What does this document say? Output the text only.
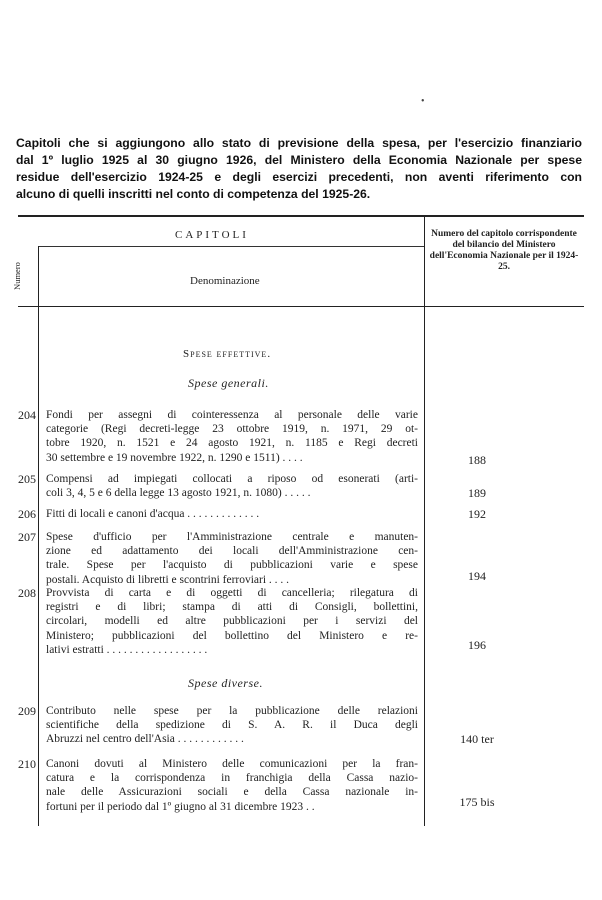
•
Capitoli che si aggiungono allo stato di previsione della spesa, per l'esercizio finanziario
dal 1º luglio 1925 al 30 giugno 1926, del Ministero della Economia Nazionale per spese
residue dell'esercizio 1924-25 e degli esercizi precedenti, non aventi riferimento con
alcuno di quelli inscritti nel conto di competenza del 1925-26.
CAPITOLI
Numero	Denominazione
Numero del capitolo corrispondente del bilancio del Ministero dell'Economia Nazionale per il 1924-25.
Spese effettive.
Spese generali.
204 Fondi per assegni di cointeressenza al personale delle varie
categorie (Regi decreti-legge 23 ottobre 1919, n. 1971, 29 ot-
tobre 1920, n. 1521 e 24 agosto 1921, n. 1185 e Regi decreti
30 settembre e 19 novembre 1922, n. 1290 e 1511) . . . .	188
205 Compensi ad impiegati collocati a riposo od esonerati (arti-
coli 3, 4, 5 e 6 della legge 13 agosto 1921, n. 1080) . . . . .	189
206 Fitti di locali e canoni d'acqua . . . . . . . . . . . . .	192
207 Spese d'ufficio per l'Amministrazione centrale e manuten-
zione ed adattamento dei locali dell'Amministrazione cen-
trale. Spese per l'acquisto di pubblicazioni varie e spese
postali. Acquisto di libretti e scontrini ferroviari . . . .	194
208 Provvista di carta e di oggetti di cancelleria; rilegatura di
registri e di libri; stampa di atti di Consigli, bollettini,
circolari, modelli ed altre pubblicazioni per i servizi del
Ministero; pubblicazioni del bollettino del Ministero e re-
lativi estratti . . . . . . . . . . . . . . . . . .	196
Spese diverse.
209 Contributo nelle spese per la pubblicazione delle relazioni
scientifiche della spedizione di S. A. R. il Duca degli
Abruzzi nel centro dell'Asia . . . . . . . . . . . .	140 ter
210 Canoni dovuti al Ministero delle comunicazioni per la fran-
catura e la corrispondenza in franchigia della Cassa nazio-
nale delle Assicurazioni sociali e della Cassa nazionale in-
fortuni per il periodo dal 1º giugno al 31 dicembre 1923 . .	175 bis
